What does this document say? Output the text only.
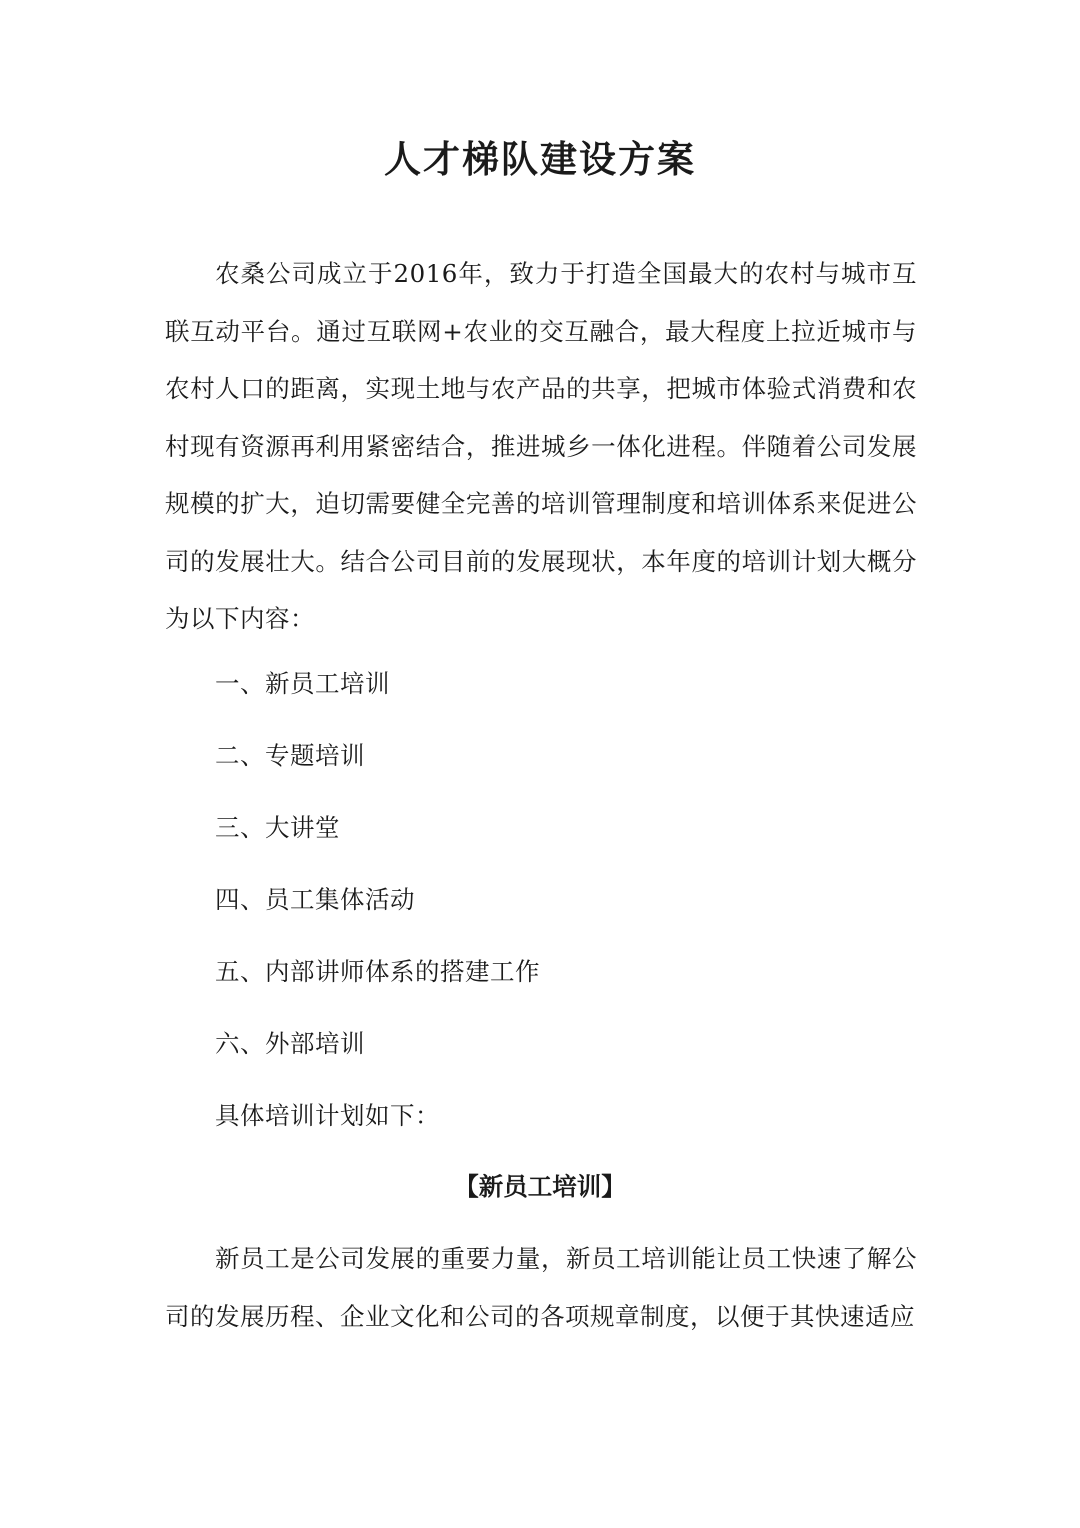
人才梯队建设方案
农桑公司成立于2016年，致力于打造全国最大的农村与城市互联互动平台。通过互联网+农业的交互融合，最大程度上拉近城市与农村人口的距离，实现土地与农产品的共享，把城市体验式消费和农村现有资源再利用紧密结合，推进城乡一体化进程。伴随着公司发展规模的扩大，迫切需要健全完善的培训管理制度和培训体系来促进公司的发展壮大。结合公司目前的发展现状，本年度的培训计划大概分为以下内容：
一、新员工培训
二、专题培训
三、大讲堂
四、员工集体活动
五、内部讲师体系的搭建工作
六、外部培训
具体培训计划如下：
【新员工培训】
新员工是公司发展的重要力量，新员工培训能让员工快速了解公司的发展历程、企业文化和公司的各项规章制度，以便于其快速适应
